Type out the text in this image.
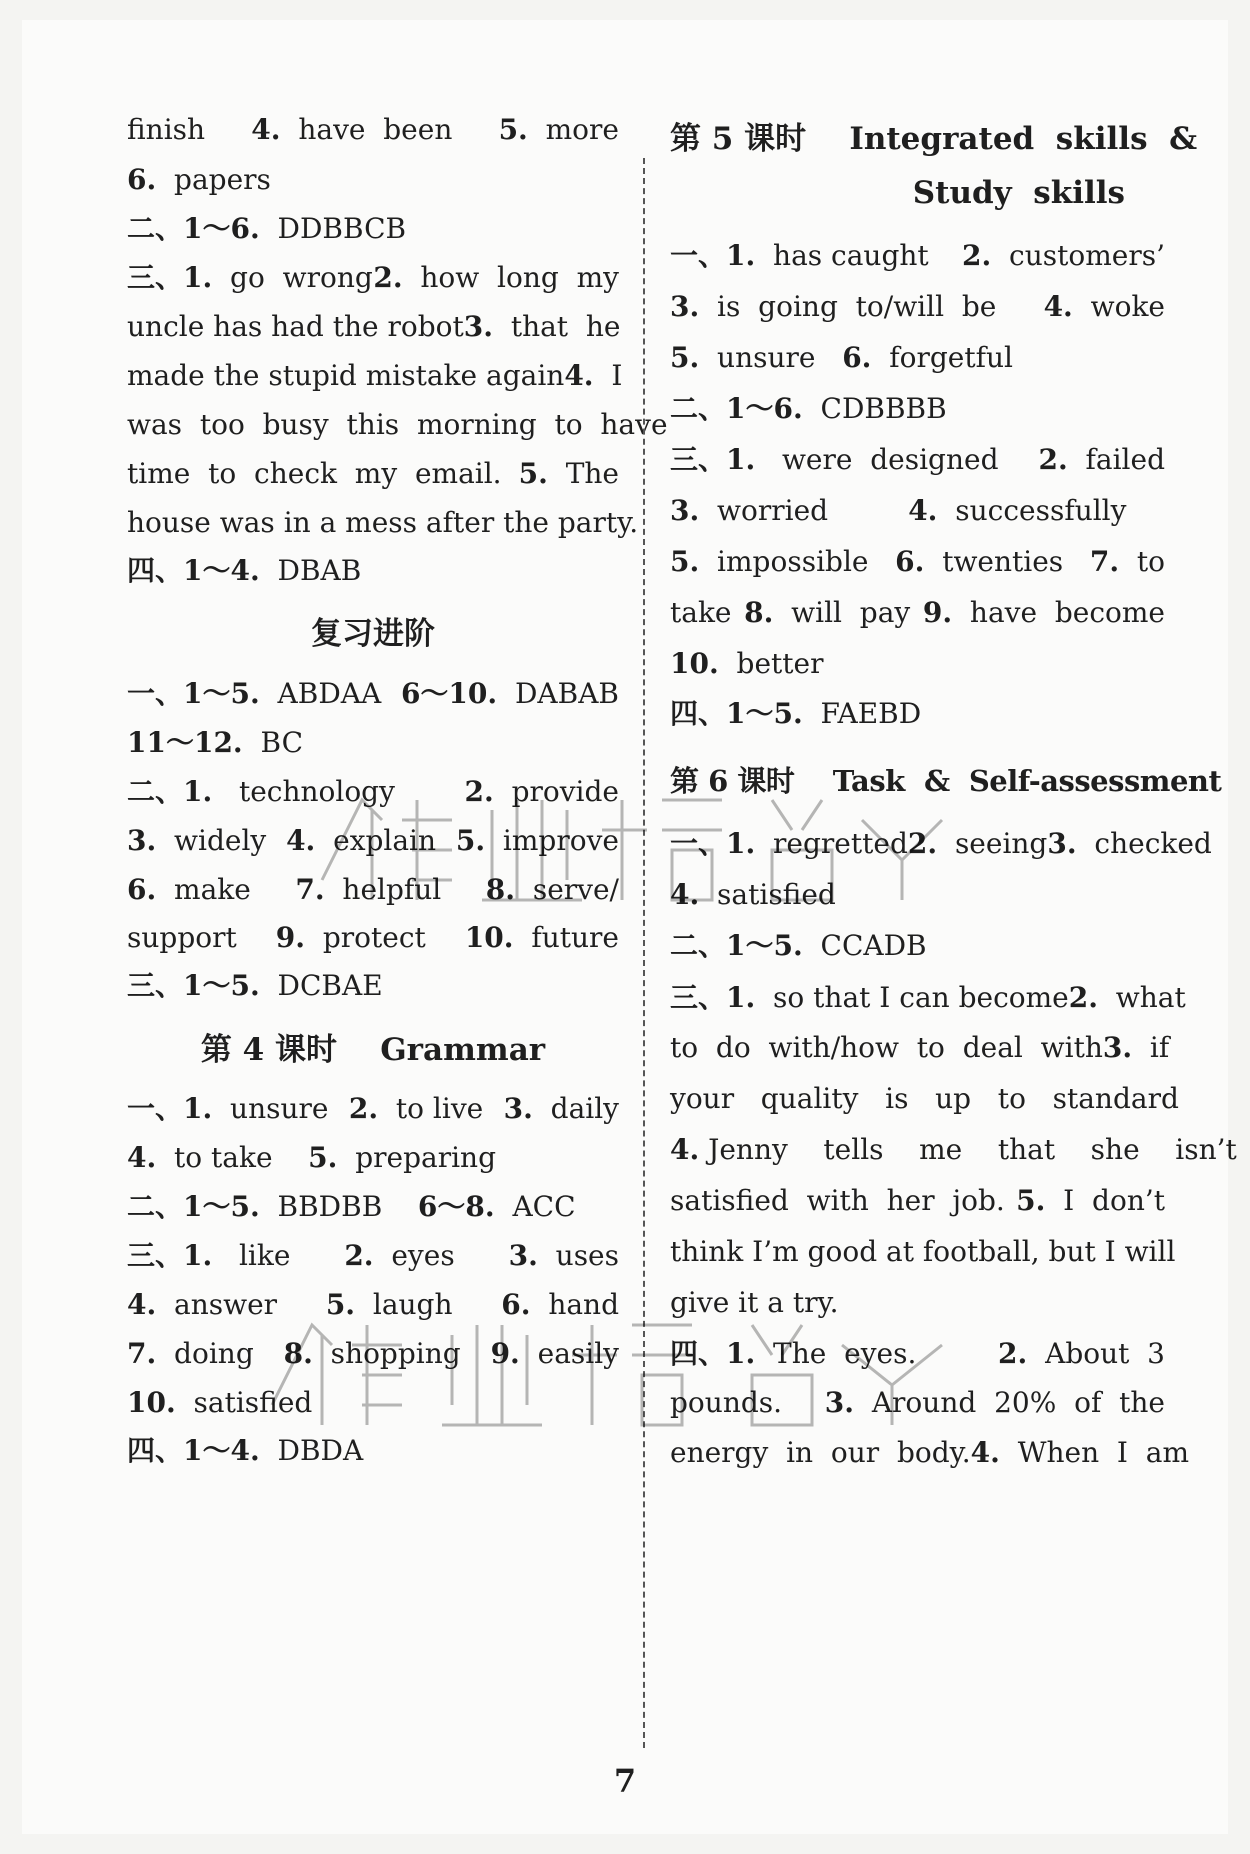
finish 4. have  been 5. more
6. papers
二、1～6. DDBBCB
三、1. go  wrong 2. how  long  my
uncle has had the robot 3. that  he
made the stupid mistake again 4. I
was  too  busy  this  morning  to  have
time  to  check  my  email. 5. The
house was in a mess after the party.
四、1～4. DBAB
复习进阶
一、1～5. ABDAA 6～10. DABAB
11～12. BC
二、1. technology 2. provide
3. widely 4. explain 5. improve
6. make 7. helpful 8. serve/
support 9. protect 10. future
三、1～5. DCBAE
第 4 课时    Grammar
一、1. unsure 2. to live 3. daily
4. to take 5. preparing
二、1～5. BBDBB 6～8. ACC
三、1. like 2. eyes 3. uses
4. answer 5. laugh 6. hand
7. doing 8. shopping 9. easily
10. satisfied
四、1～4. DBDA
第 5 课时    Integrated  skills  &
Study  skills
一、1. has caught 2. customers’
3. is  going  to/will  be 4. woke
5. unsure 6. forgetful
二、1～6. CDBBBB
三、1. were  designed 2. failed
3. worried	4. successfully
5. impossible 6. twenties 7. to
take 8. will  pay 9. have  become
10. better
四、1～5. FAEBD
第 6 课时    Task  &  Self-assessment
一、1. regretted 2. seeing 3. checked
4. satisfied
二、1～5. CCADB
三、1. so that I can become 2. what
to  do  with/how  to  deal  with 3. if
your   quality   is   up   to   standard
4. Jenny    tells    me    that    she    isn’t
satisfied  with  her  job. 5. I  don’t
think I’m good at football, but I will
give it a try.
四、1. The  eyes.	2. About  3
pounds. 3. Around  20%  of  the
energy  in  our  body. 4. When  I  am
7
